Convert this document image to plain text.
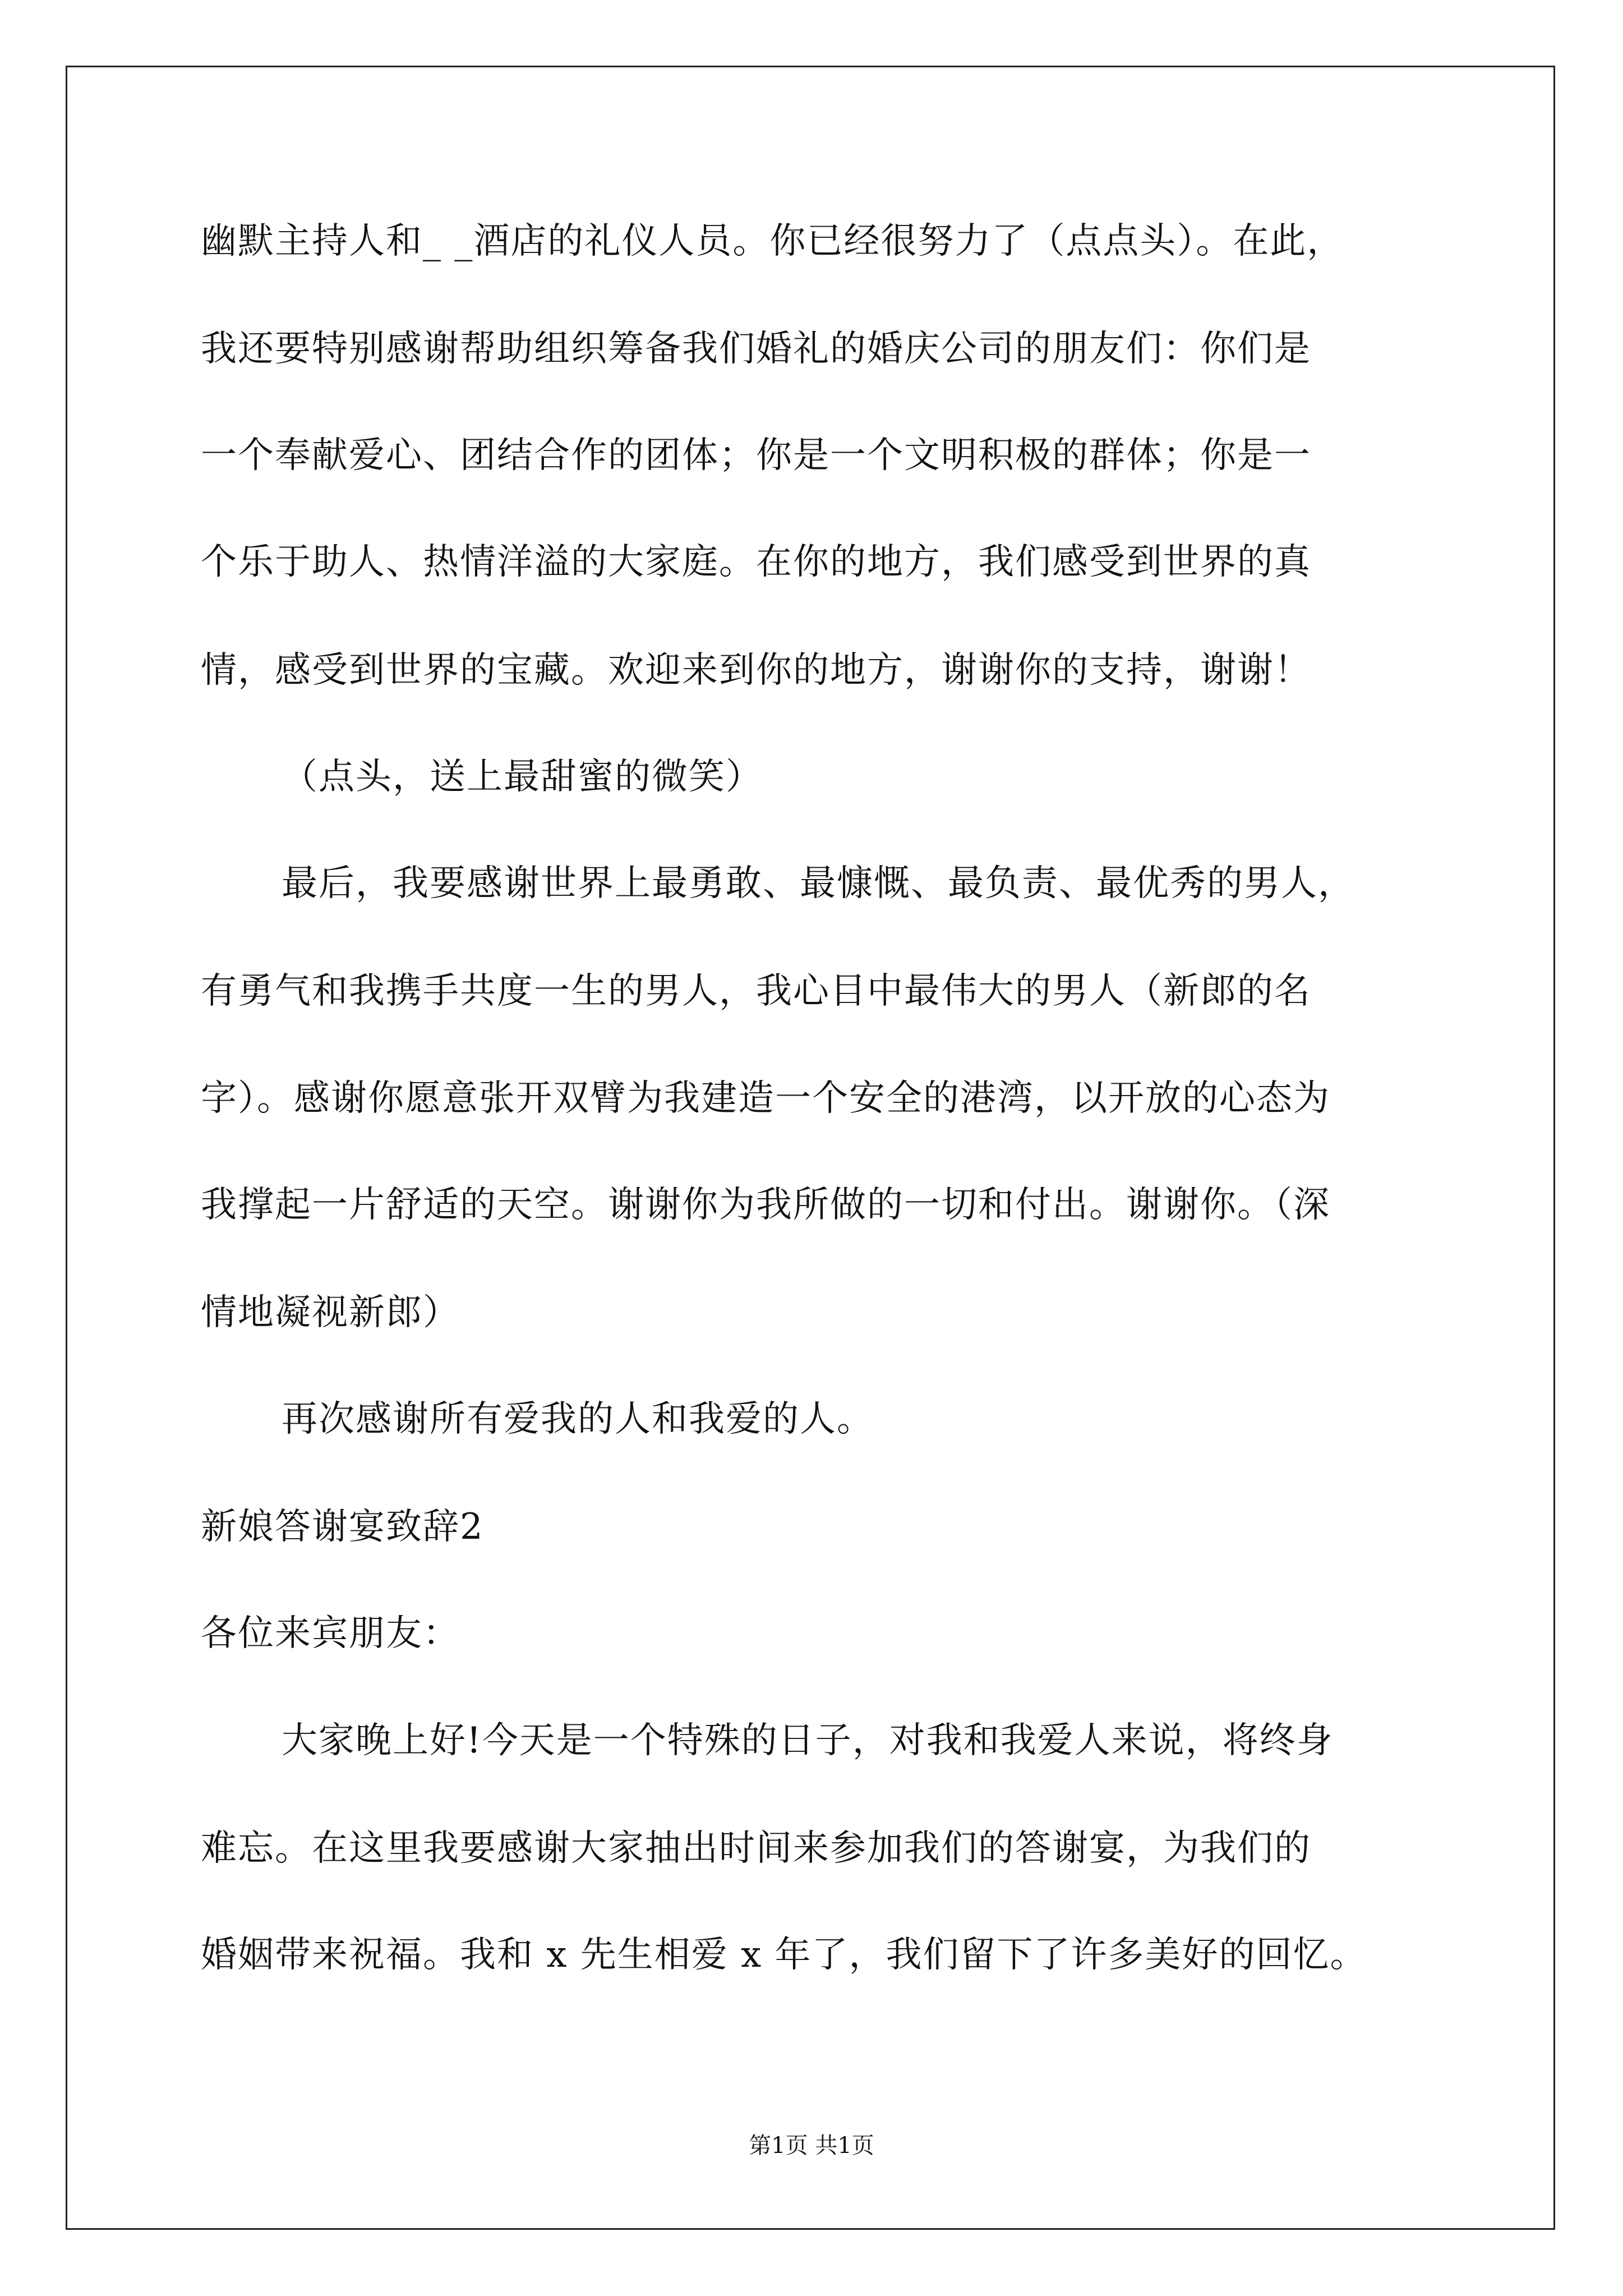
幽默主持人和_ _酒店的礼仪人员。你已经很努力了（点点头）。在此，
我还要特别感谢帮助组织筹备我们婚礼的婚庆公司的朋友们：你们是
一个奉献爱心、团结合作的团体；你是一个文明积极的群体；你是一
个乐于助人、热情洋溢的大家庭。在你的地方，我们感受到世界的真
情，感受到世界的宝藏。欢迎来到你的地方，谢谢你的支持，谢谢！
（点头，送上最甜蜜的微笑）
最后，我要感谢世界上最勇敢、最慷慨、最负责、最优秀的男人，
有勇气和我携手共度一生的男人，我心目中最伟大的男人（新郎的名
字）。感谢你愿意张开双臂为我建造一个安全的港湾，以开放的心态为
我撑起一片舒适的天空。谢谢你为我所做的一切和付出。谢谢你。（深
情地凝视新郎）
再次感谢所有爱我的人和我爱的人。
新娘答谢宴致辞2
各位来宾朋友：
大家晚上好!今天是一个特殊的日子，对我和我爱人来说，将终身
难忘。在这里我要感谢大家抽出时间来参加我们的答谢宴，为我们的
婚姻带来祝福。我和 x 先生相爱 x 年了，我们留下了许多美好的回忆。
第1页 共1页
